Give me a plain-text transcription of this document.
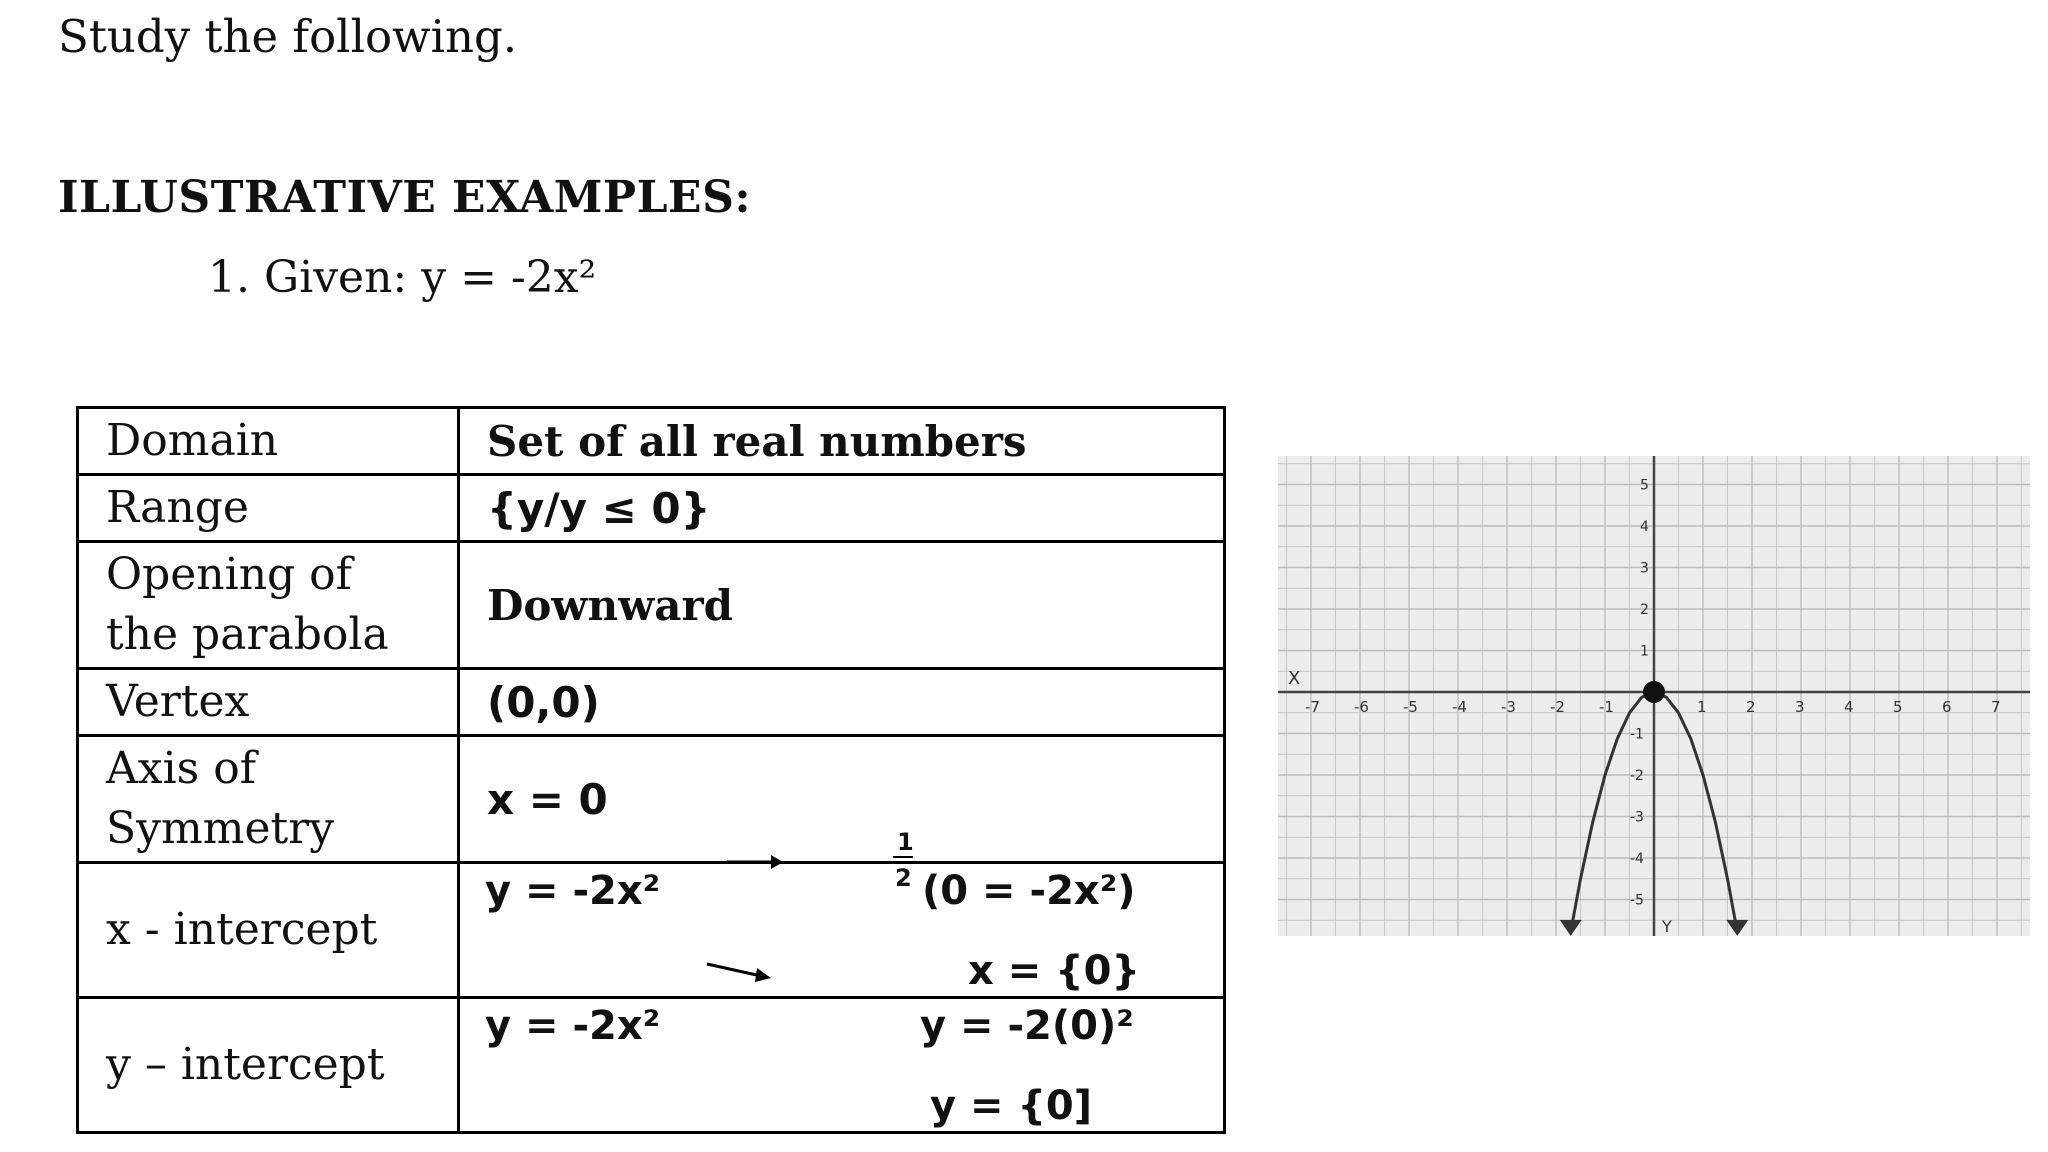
Study the following.
ILLUSTRATIVE EXAMPLES:
1. Given: y = -2x²
Domain	Set of all real numbers
Range	{y/y ≤ 0}

Opening of
the parabola	Downward
Vertex	(0,0)

Axis of
Symmetry	x = 0
x - intercept	y = -2x²
1
2 (0 = -2x²)
x = {0}

y – intercept	y = -2x² y = -2(0)²
y = {0]
X
Y
-7 -6 -5 -4 -3 -2 -1	1	2	3	4	5	6	7
1
2
3
4
5
-1
-2
-3
-4
-5
